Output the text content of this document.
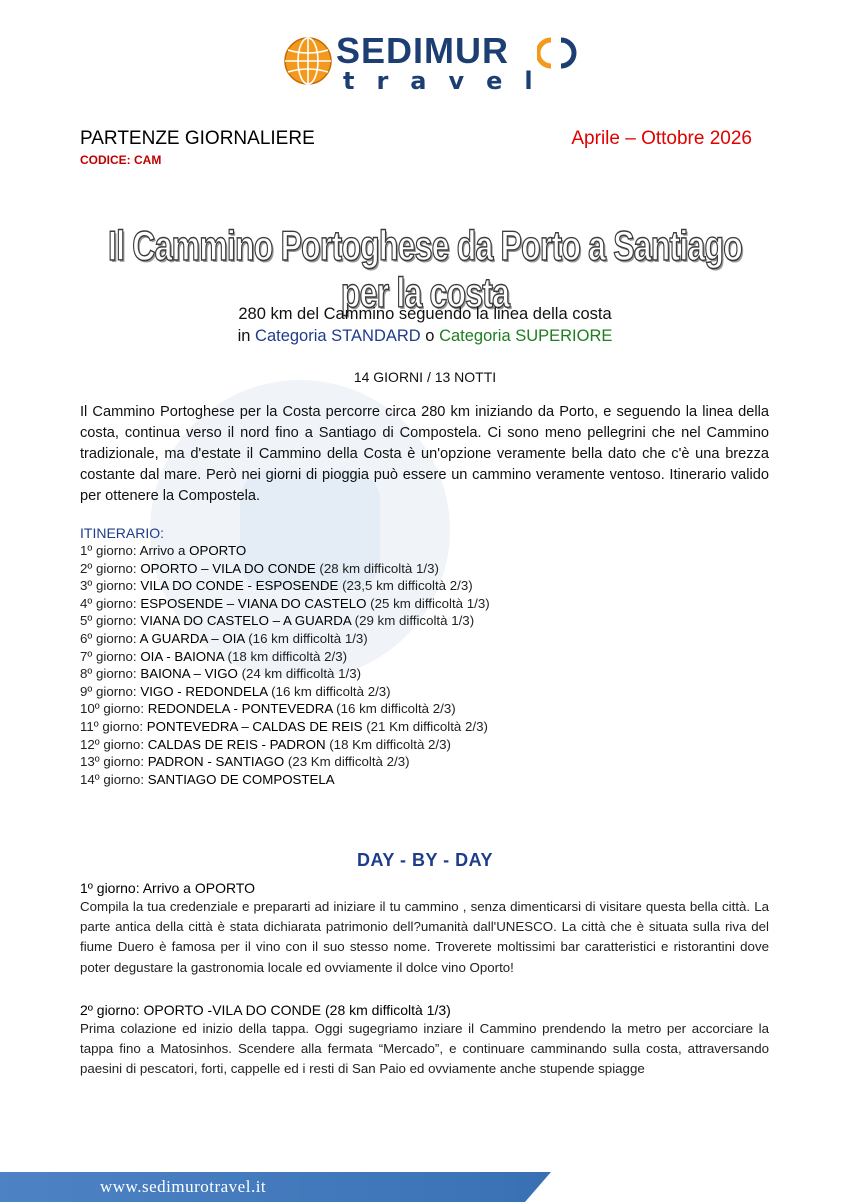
SEDIMUR
travel
PARTENZE GIORNALIERE
CODICE: CAM
Aprile – Ottobre 2026
Il Cammino Portoghese da Porto a Santiago per la costa
280 km del Cammino seguendo la linea della costa
in Categoria STANDARD o Categoria SUPERIORE
14 GIORNI / 13 NOTTI
Il Cammino Portoghese per la Costa percorre circa 280 km iniziando da Porto, e seguendo la linea della costa, continua verso il nord fino a Santiago di Compostela. Ci sono meno pellegrini che nel Cammino tradizionale, ma d'estate il Cammino della Costa è un'opzione veramente bella dato che c'è una brezza costante dal mare. Però nei giorni di pioggia può essere un cammino veramente ventoso. Itinerario valido per ottenere la Compostela.
ITINERARIO:
1º giorno: Arrivo a OPORTO
2º giorno: OPORTO – VILA DO CONDE (28 km difficoltà 1/3)
3º giorno: VILA DO CONDE - ESPOSENDE (23,5 km difficoltà 2/3)
4º giorno: ESPOSENDE – VIANA DO CASTELO (25 km difficoltà 1/3)
5º giorno: VIANA DO CASTELO – A GUARDA (29 km difficoltà 1/3)
6º giorno: A GUARDA – OIA (16 km difficoltà 1/3)
7º giorno: OIA - BAIONA (18 km difficoltà 2/3)
8º giorno: BAIONA – VIGO (24 km difficoltà 1/3)
9º giorno: VIGO - REDONDELA (16 km difficoltà 2/3)
10º giorno: REDONDELA - PONTEVEDRA (16 km difficoltà 2/3)
11º giorno: PONTEVEDRA – CALDAS DE REIS (21 Km difficoltà 2/3)
12º giorno: CALDAS DE REIS - PADRON (18 Km difficoltà 2/3)
13º giorno: PADRON - SANTIAGO (23 Km difficoltà 2/3)
14º giorno: SANTIAGO DE COMPOSTELA
DAY - BY - DAY
1º giorno: Arrivo a OPORTO

Compila la tua credenziale e prepararti ad iniziare il tu cammino , senza dimenticarsi di visitare questa bella città. La parte antica della città è stata dichiarata patrimonio dell?umanità dall'UNESCO. La città che è situata sulla riva del fiume Duero è famosa per il vino con il suo stesso nome. Troverete moltissimi bar caratteristici e ristorantini dove poter degustare la gastronomia locale ed ovviamente il dolce vino Oporto!

2º giorno: OPORTO -VILA DO CONDE (28 km difficoltà 1/3)

Prima colazione ed inizio della tappa. Oggi sugegriamo inziare il Cammino prendendo la metro per accorciare la tappa fino a Matosinhos. Scendere alla fermata “Mercado”, e continuare camminando sulla costa, attraversando paesini di pescatori, forti, cappelle ed i resti di San Paio ed ovviamente anche stupende spiagge

www.sedimurotravel.it
